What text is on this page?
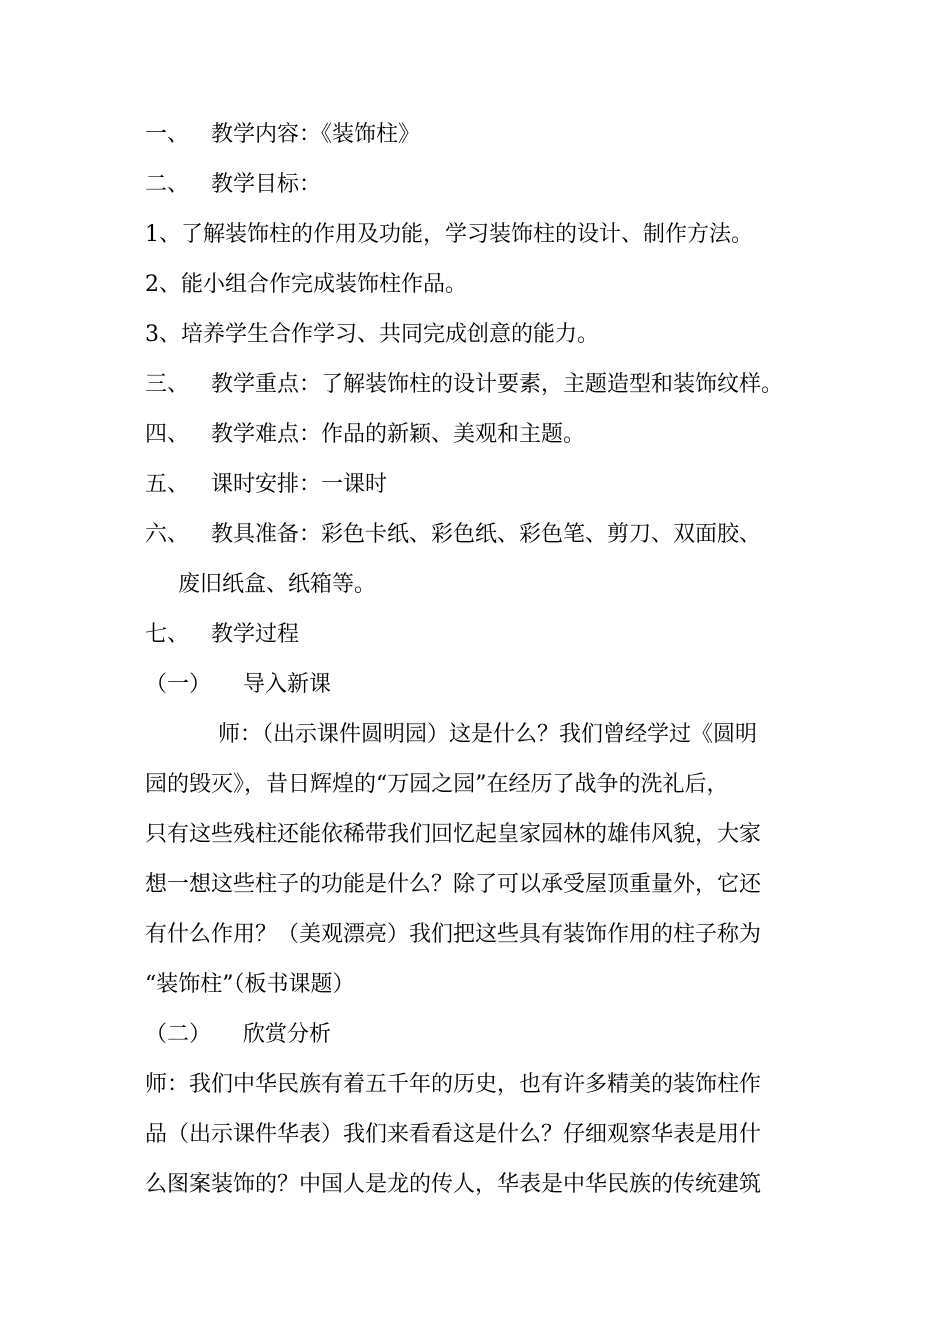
一、 教学内容：《装饰柱》
二、 教学目标：
1、了解装饰柱的作用及功能，学习装饰柱的设计、制作方法。
2、能小组合作完成装饰柱作品。
3、培养学生合作学习、共同完成创意的能力。
三、 教学重点：了解装饰柱的设计要素，主题造型和装饰纹样。
四、 教学难点：作品的新颖、美观和主题。
五、 课时安排：一课时
六、 教具准备：彩色卡纸、彩色纸、彩色笔、剪刀、双面胶、
废旧纸盒、纸箱等。
七、 教学过程
（一） 导入新课
师：（出示课件圆明园）这是什么？我们曾经学过《圆明
园的毁灭》，昔日辉煌的“万园之园”在经历了战争的洗礼后，
只有这些残柱还能依稀带我们回忆起皇家园林的雄伟风貌，大家
想一想这些柱子的功能是什么？除了可以承受屋顶重量外，它还
有什么作用？（美观漂亮）我们把这些具有装饰作用的柱子称为
“装饰柱”（板书课题）
（二） 欣赏分析
师：我们中华民族有着五千年的历史，也有许多精美的装饰柱作
品（出示课件华表）我们来看看这是什么？仔细观察华表是用什
么图案装饰的？中国人是龙的传人，华表是中华民族的传统建筑
